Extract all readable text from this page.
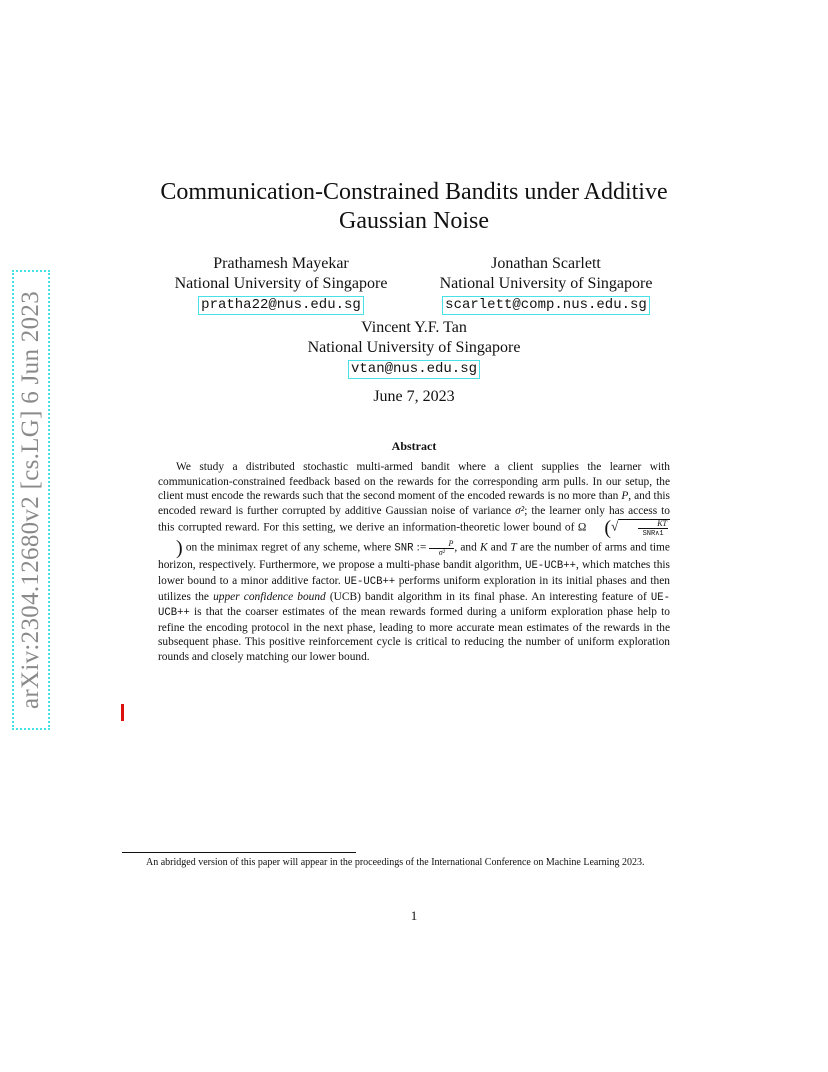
arXiv:2304.12680v2 [cs.LG] 6 Jun 2023
Communication-Constrained Bandits under Additive
Gaussian Noise
Prathamesh Mayekar
National University of Singapore
pratha22@nus.edu.sg
Jonathan Scarlett
National University of Singapore
scarlett@comp.nus.edu.sg
Vincent Y.F. Tan
National University of Singapore
vtan@nus.edu.sg
June 7, 2023
Abstract

We study a distributed stochastic multi-armed bandit where a client supplies the learner with communication-constrained feedback based on the rewards for the corresponding arm pulls. In our setup, the client must encode the rewards such that the second moment of the encoded rewards is no more than P, and this encoded reward is further corrupted by additive Gaussian noise of variance σ²; the learner only has access to this corrupted reward. For this setting, we derive an information-theoretic lower bound of Ω (√	$\frac{KT}{\text{SNR∧1}}$) on the minimax regret of any scheme, where SNR := $\frac{P}{\text{σ²}}$, and K and T are the number of arms and time horizon, respectively. Furthermore, we propose a multi-phase bandit algorithm, UE-UCB++, which matches this lower bound to a minor additive factor. UE-UCB++ performs uniform exploration in its initial phases and then utilizes the upper confidence bound (UCB) bandit algorithm in its final phase. An interesting feature of UE-UCB++ is that the coarser estimates of the mean rewards formed during a uniform exploration phase help to refine the encoding protocol in the next phase, leading to more accurate mean estimates of the rewards in the subsequent phase. This positive reinforcement cycle is critical to reducing the number of uniform exploration rounds and closely matching our lower bound.

An abridged version of this paper will appear in the proceedings of the International Conference on Machine Learning 2023.
1
